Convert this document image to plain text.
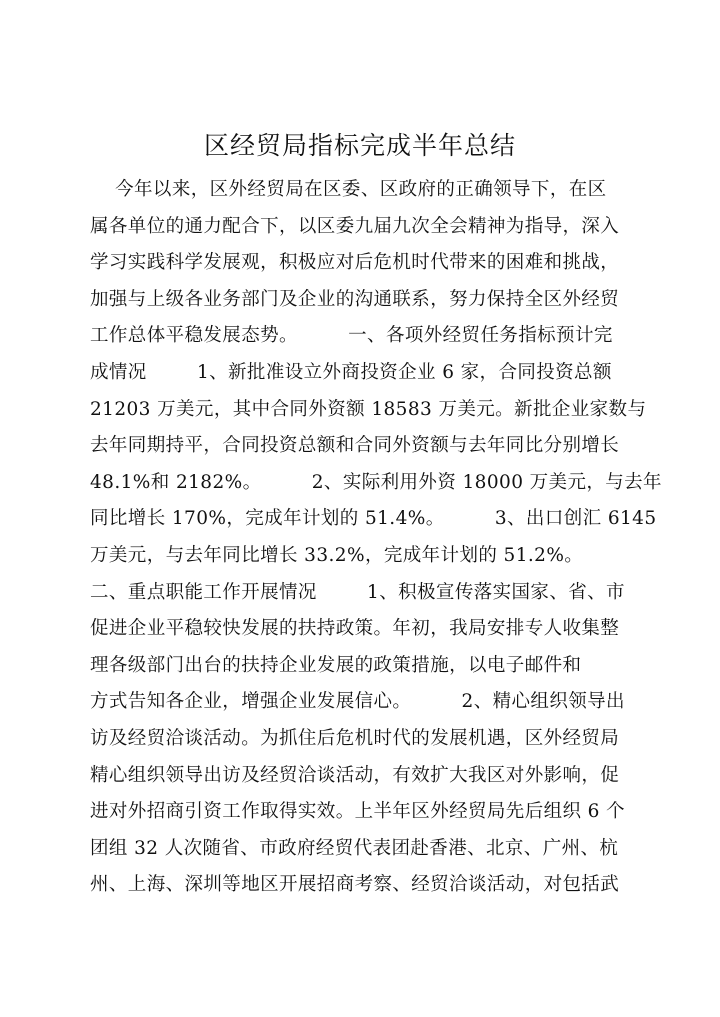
区经贸局指标完成半年总结
今年以来，区外经贸局在区委、区政府的正确领导下，在区
属各单位的通力配合下，以区委九届九次全会精神为指导，深入
学习实践科学发展观，积极应对后危机时代带来的困难和挑战，
加强与上级各业务部门及企业的沟通联系，努力保持全区外经贸
工作总体平稳发展态势。        一、各项外经贸任务指标预计完
成情况        1、新批准设立外商投资企业 6 家，合同投资总额
21203 万美元，其中合同外资额 18583 万美元。新批企业家数与
去年同期持平，合同投资总额和合同外资额与去年同比分别增长
48.1%和 2182%。        2、实际利用外资 18000 万美元，与去年
同比增长 170%，完成年计划的 51.4%。        3、出口创汇 6145
万美元，与去年同比增长 33.2%，完成年计划的 51.2%。
二、重点职能工作开展情况        1、积极宣传落实国家、省、市
促进企业平稳较快发展的扶持政策。年初，我局安排专人收集整
理各级部门出台的扶持企业发展的政策措施，以电子邮件和
方式告知各企业，增强企业发展信心。        2、精心组织领导出
访及经贸洽谈活动。为抓住后危机时代的发展机遇，区外经贸局
精心组织领导出访及经贸洽谈活动，有效扩大我区对外影响，促
进对外招商引资工作取得实效。上半年区外经贸局先后组织 6 个
团组 32 人次随省、市政府经贸代表团赴香港、北京、广州、杭
州、上海、深圳等地区开展招商考察、经贸洽谈活动，对包括武
